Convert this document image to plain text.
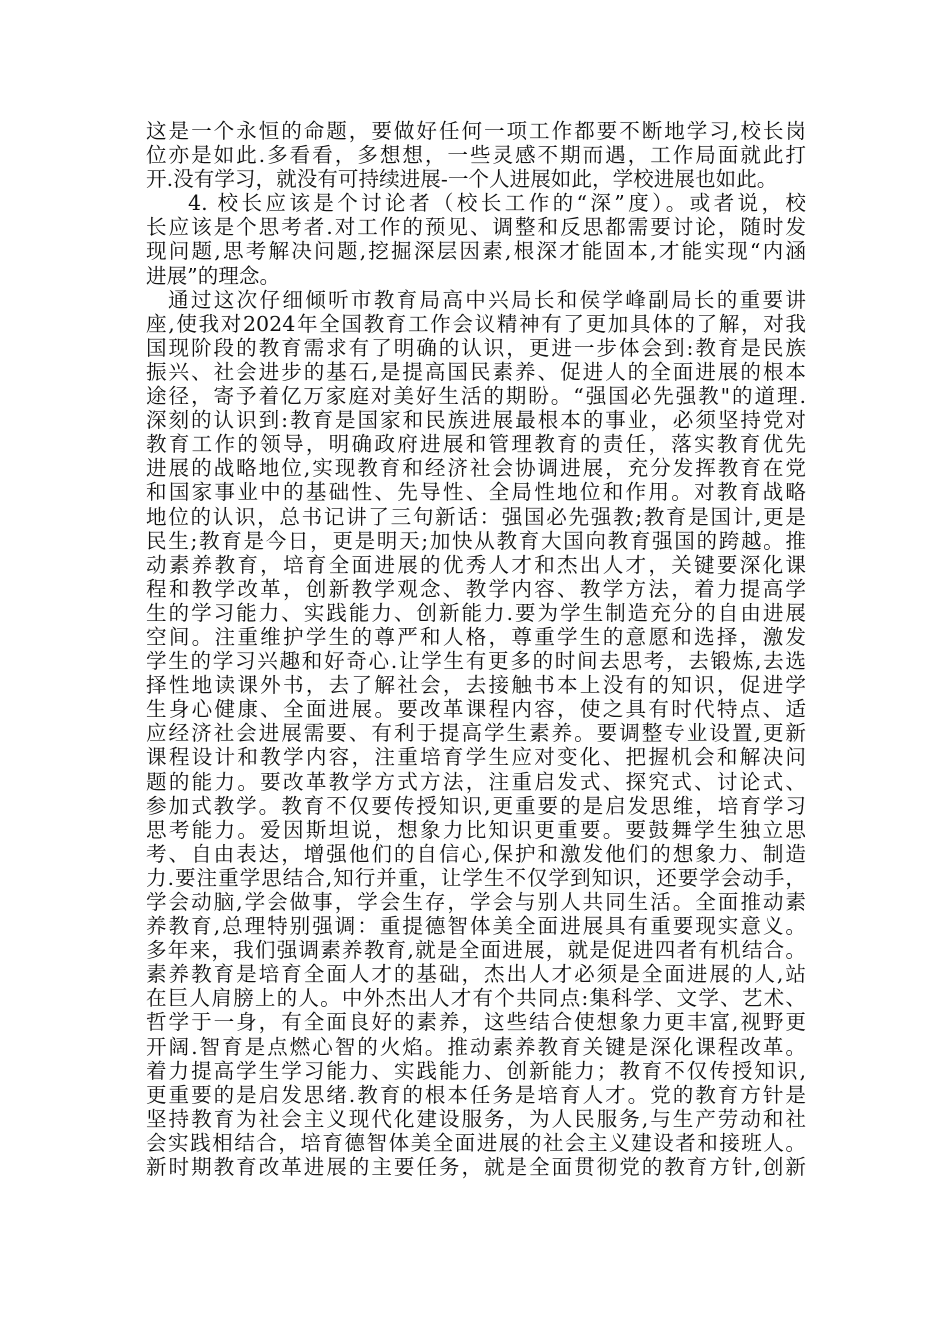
这是一个永恒的命题，要做好任何一项工作都要不断地学习,校长岗
位亦是如此.多看看，多想想，一些灵感不期而遇，工作局面就此打
开.没有学习，就没有可持续进展-一个人进展如此，学校进展也如此。
4. 校长应该是个讨论者（校长工作的“深”度）。或者说，校
长应该是个思考者.对工作的预见、调整和反思都需要讨论，随时发
现问题,思考解决问题,挖掘深层因素,根深才能固本,才能实现“内涵
进展”的理念。
通过这次仔细倾听市教育局高中兴局长和侯学峰副局长的重要讲
座,使我对2024年全国教育工作会议精神有了更加具体的了解，对我
国现阶段的教育需求有了明确的认识，更进一步体会到:教育是民族
振兴、社会进步的基石,是提高国民素养、促进人的全面进展的根本
途径，寄予着亿万家庭对美好生活的期盼。“强国必先强教"的道理.
深刻的认识到:教育是国家和民族进展最根本的事业，必须坚持党对
教育工作的领导，明确政府进展和管理教育的责任，落实教育优先
进展的战略地位,实现教育和经济社会协调进展，充分发挥教育在党
和国家事业中的基础性、先导性、全局性地位和作用。对教育战略
地位的认识，总书记讲了三句新话：强国必先强教;教育是国计,更是
民生;教育是今日，更是明天;加快从教育大国向教育强国的跨越。推
动素养教育，培育全面进展的优秀人才和杰出人才，关键要深化课
程和教学改革，创新教学观念、教学内容、教学方法，着力提高学
生的学习能力、实践能力、创新能力.要为学生制造充分的自由进展
空间。注重维护学生的尊严和人格，尊重学生的意愿和选择，激发
学生的学习兴趣和好奇心.让学生有更多的时间去思考，去锻炼,去选
择性地读课外书，去了解社会，去接触书本上没有的知识，促进学
生身心健康、全面进展。要改革课程内容，使之具有时代特点、适
应经济社会进展需要、有利于提高学生素养。要调整专业设置,更新
课程设计和教学内容，注重培育学生应对变化、把握机会和解决问
题的能力。要改革教学方式方法，注重启发式、探究式、讨论式、
参加式教学。教育不仅要传授知识,更重要的是启发思维，培育学习
思考能力。爱因斯坦说，想象力比知识更重要。要鼓舞学生独立思
考、自由表达，增强他们的自信心,保护和激发他们的想象力、制造
力.要注重学思结合,知行并重，让学生不仅学到知识，还要学会动手，
学会动脑,学会做事，学会生存，学会与别人共同生活。全面推动素
养教育,总理特别强调：重提德智体美全面进展具有重要现实意义。
多年来，我们强调素养教育,就是全面进展，就是促进四者有机结合。
素养教育是培育全面人才的基础，杰出人才必须是全面进展的人,站
在巨人肩膀上的人。中外杰出人才有个共同点:集科学、文学、艺术、
哲学于一身，有全面良好的素养，这些结合使想象力更丰富,视野更
开阔.智育是点燃心智的火焰。推动素养教育关键是深化课程改革。
着力提高学生学习能力、实践能力、创新能力；教育不仅传授知识,
更重要的是启发思绪.教育的根本任务是培育人才。党的教育方针是
坚持教育为社会主义现代化建设服务，为人民服务,与生产劳动和社
会实践相结合，培育德智体美全面进展的社会主义建设者和接班人。
新时期教育改革进展的主要任务，就是全面贯彻党的教育方针,创新
